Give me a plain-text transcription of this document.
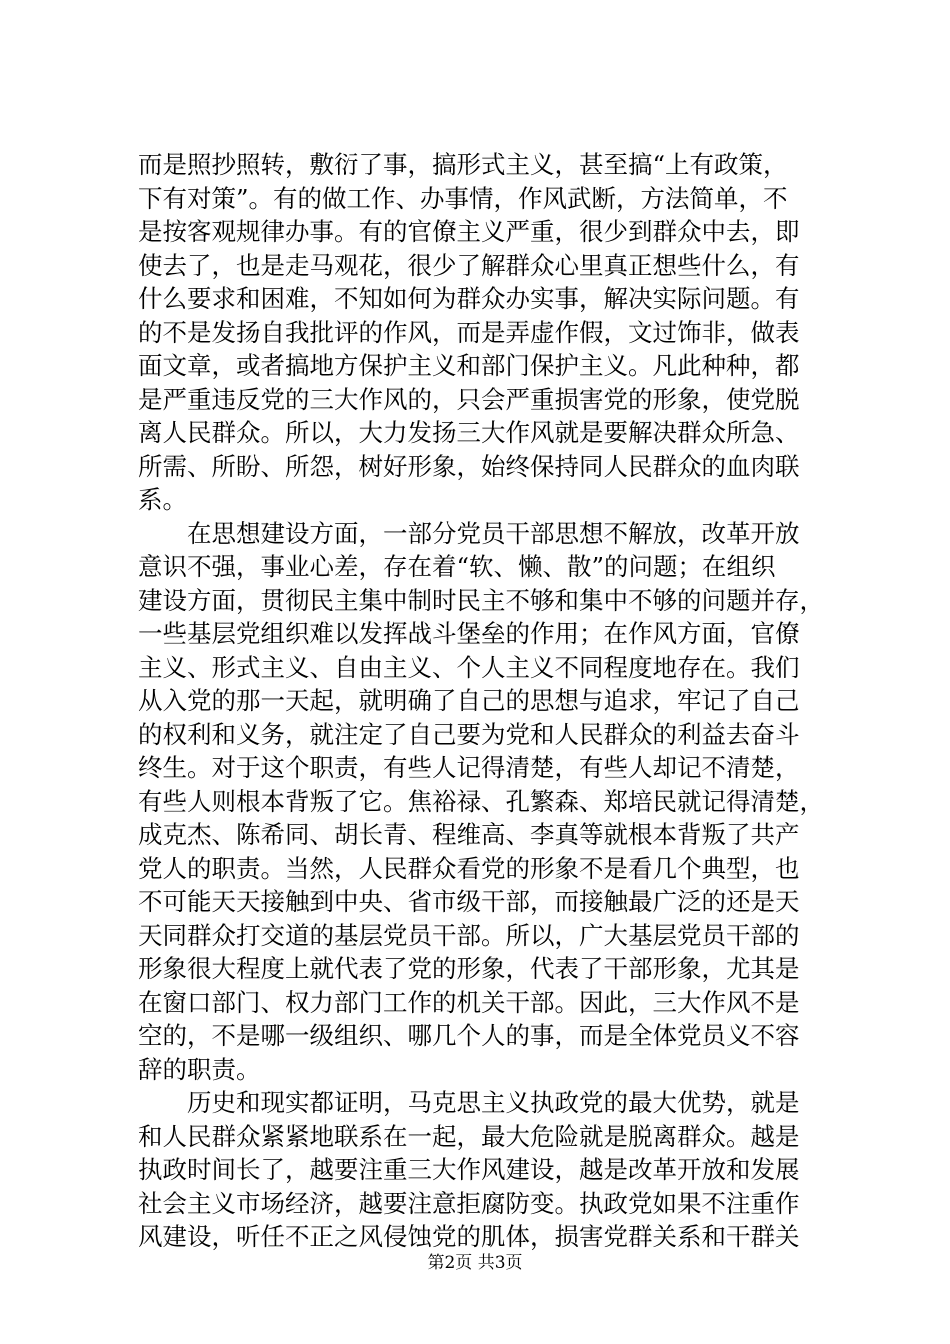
而是照抄照转，敷衍了事，搞形式主义，甚至搞“上有政策，
下有对策”。有的做工作、办事情，作风武断，方法简单，不
是按客观规律办事。有的官僚主义严重，很少到群众中去，即
使去了，也是走马观花，很少了解群众心里真正想些什么，有
什么要求和困难，不知如何为群众办实事，解决实际问题。有
的不是发扬自我批评的作风，而是弄虚作假，文过饰非，做表
面文章，或者搞地方保护主义和部门保护主义。凡此种种，都
是严重违反党的三大作风的，只会严重损害党的形象，使党脱
离人民群众。所以，大力发扬三大作风就是要解决群众所急、
所需、所盼、所怨，树好形象，始终保持同人民群众的血肉联
系。
在思想建设方面，一部分党员干部思想不解放，改革开放
意识不强，事业心差，存在着“软、懒、散”的问题；在组织
建设方面，贯彻民主集中制时民主不够和集中不够的问题并存，
一些基层党组织难以发挥战斗堡垒的作用；在作风方面，官僚
主义、形式主义、自由主义、个人主义不同程度地存在。我们
从入党的那一天起，就明确了自己的思想与追求，牢记了自己
的权利和义务，就注定了自己要为党和人民群众的利益去奋斗
终生。对于这个职责，有些人记得清楚，有些人却记不清楚，
有些人则根本背叛了它。焦裕禄、孔繁森、郑培民就记得清楚，
成克杰、陈希同、胡长青、程维高、李真等就根本背叛了共产
党人的职责。当然，人民群众看党的形象不是看几个典型，也
不可能天天接触到中央、省市级干部，而接触最广泛的还是天
天同群众打交道的基层党员干部。所以，广大基层党员干部的
形象很大程度上就代表了党的形象，代表了干部形象，尤其是
在窗口部门、权力部门工作的机关干部。因此，三大作风不是
空的，不是哪一级组织、哪几个人的事，而是全体党员义不容
辞的职责。
历史和现实都证明，马克思主义执政党的最大优势，就是
和人民群众紧紧地联系在一起，最大危险就是脱离群众。越是
执政时间长了，越要注重三大作风建设，越是改革开放和发展
社会主义市场经济，越要注意拒腐防变。执政党如果不注重作
风建设，听任不正之风侵蚀党的肌体，损害党群关系和干群关
第2页 共3页
